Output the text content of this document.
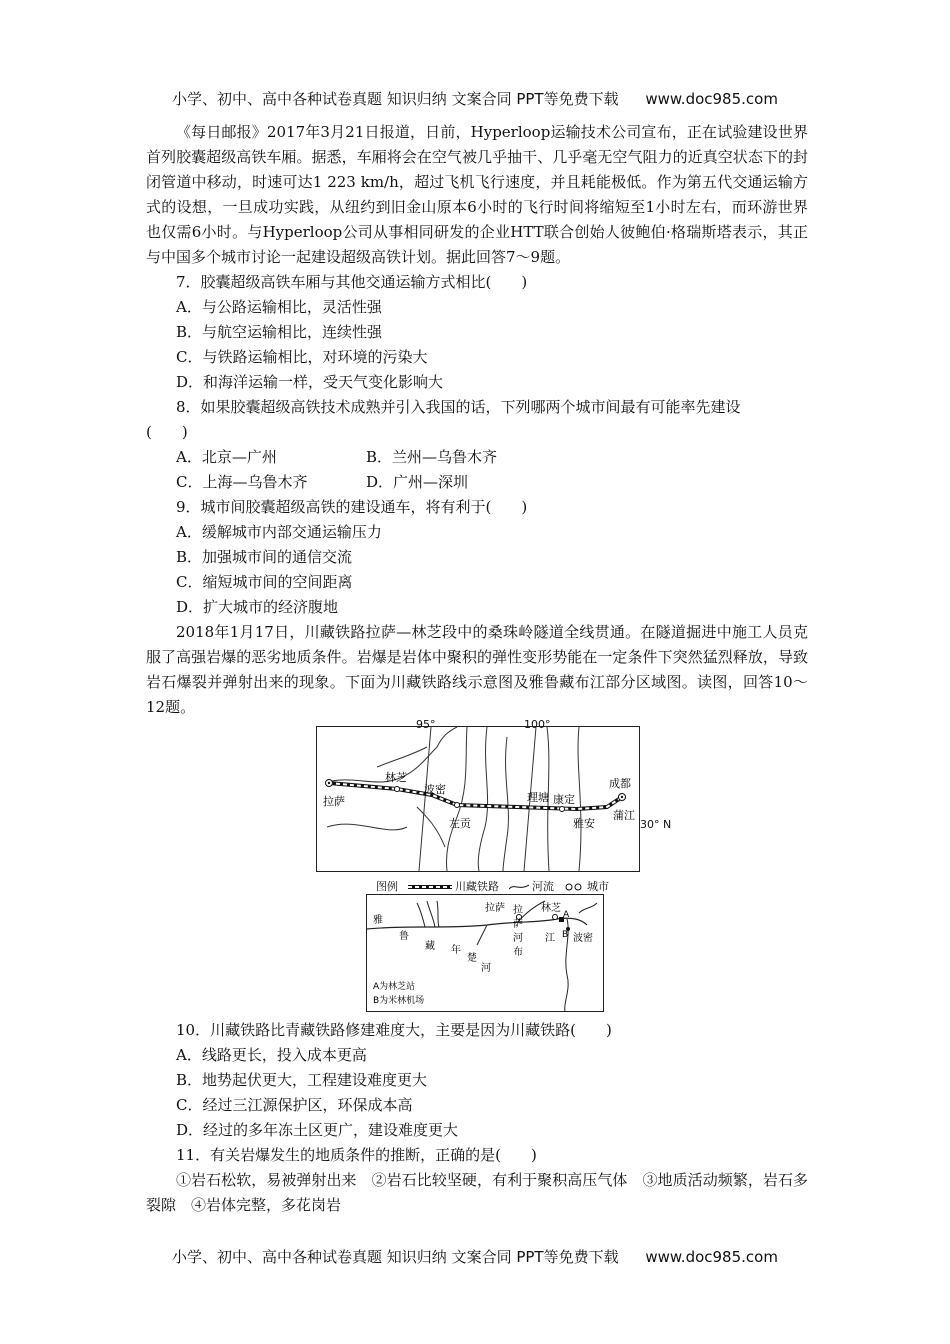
小学、初中、高中各种试卷真题 知识归纳 文案合同 PPT等免费下载 www.doc985.com

《每日邮报》2017年3月21日报道，日前，Hyperloop运输技术公司宣布，正在试验建设世界首列胶囊超级高铁车厢。据悉，车厢将会在空气被几乎抽干、几乎毫无空气阻力的近真空状态下的封闭管道中移动，时速可达1 223 km/h，超过飞机飞行速度，并且耗能极低。作为第五代交通运输方式的设想，一旦成功实践，从纽约到旧金山原本6小时的飞行时间将缩短至1小时左右，而环游世界也仅需6小时。与Hyperloop公司从事相同研发的企业HTT联合创始人彼鲍伯·格瑞斯塔表示，其正与中国多个城市讨论一起建设超级高铁计划。据此回答7～9题。

7．胶囊超级高铁车厢与其他交通运输方式相比(　　)

A．与公路运输相比，灵活性强

B．与航空运输相比，连续性强

C．与铁路运输相比，对环境的污染大

D．和海洋运输一样，受天气变化影响大

8．如果胶囊超级高铁技术成熟并引入我国的话，下列哪两个城市间最有可能率先建设

(　　)

A．北京—广州	B．兰州—乌鲁木齐
C．上海—乌鲁木齐	D．广州—深圳

9．城市间胶囊超级高铁的建设通车，将有利于(　　)

A．缓解城市内部交通运输压力

B．加强城市间的通信交流

C．缩短城市间的空间距离

D．扩大城市的经济腹地

2018年1月17日，川藏铁路拉萨—林芝段中的桑珠岭隧道全线贯通。在隧道掘进中施工人员克服了高强岩爆的恶劣地质条件。岩爆是岩体中聚积的弹性变形势能在一定条件下突然猛烈释放，导致岩石爆裂并弹射出来的现象。下面为川藏铁路线示意图及雅鲁藏布江部分区域图。读图，回答10～12题。

拉萨
林芝
波密
左贡
理塘 康定
雅安
成都
蒲江
95°	100°
30° N
图例	川藏铁路	河流	城市
拉萨 拉
萨
河
林芝
A
B 波密
雅
鲁
藏
布
江
年
楚
河
A为林芝站
B为米林机场

10．川藏铁路比青藏铁路修建难度大，主要是因为川藏铁路(　　)

A．线路更长，投入成本更高

B．地势起伏更大，工程建设难度更大

C．经过三江源保护区，环保成本高

D．经过的多年冻土区更广，建设难度更大

11．有关岩爆发生的地质条件的推断，正确的是(　　)

①岩石松软，易被弹射出来　②岩石比较坚硬，有利于聚积高压气体　③地质活动频繁，岩石多裂隙　④岩体完整，多花岗岩

小学、初中、高中各种试卷真题 知识归纳 文案合同 PPT等免费下载 www.doc985.com
